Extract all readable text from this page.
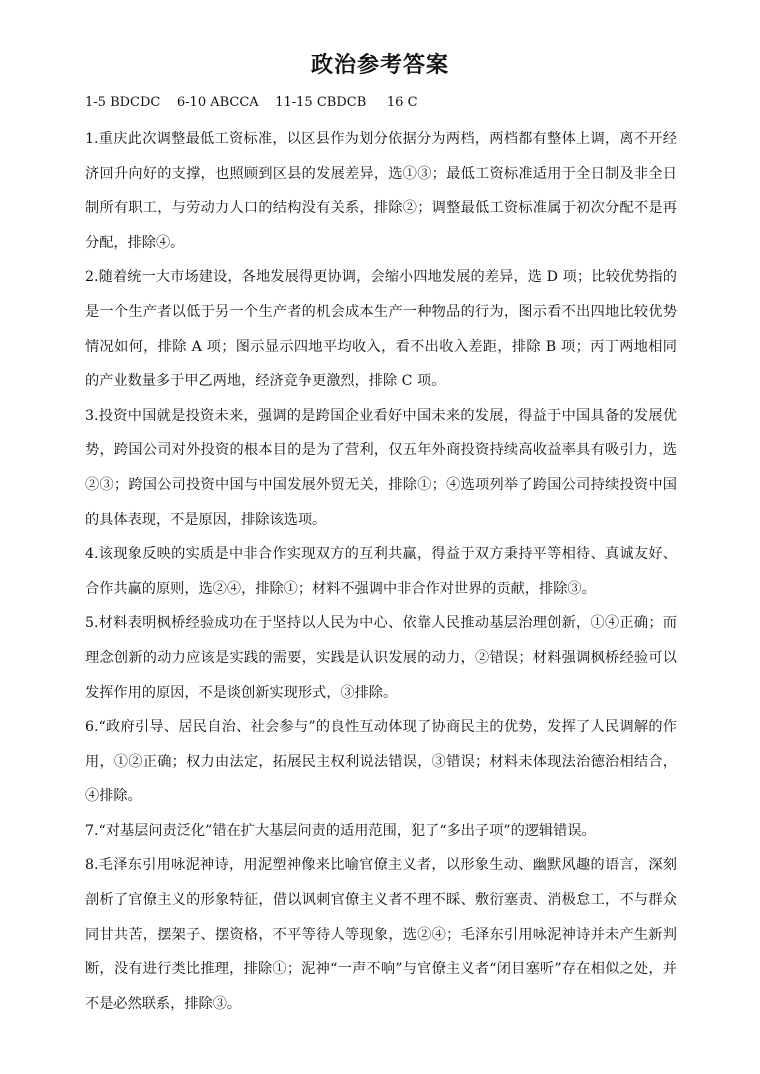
政治参考答案
1-5 BDCDC    6-10 ABCCA    11-15 CBDCB     16 C

1.重庆此次调整最低工资标准，以区县作为划分依据分为两档，两档都有整体上调，离不开经济回升向好的支撑，也照顾到区县的发展差异，选①③；最低工资标准适用于全日制及非全日制所有职工，与劳动力人口的结构没有关系，排除②；调整最低工资标准属于初次分配不是再分配，排除④。

2.随着统一大市场建设，各地发展得更协调，会缩小四地发展的差异，选 D 项；比较优势指的是一个生产者以低于另一个生产者的机会成本生产一种物品的行为，图示看不出四地比较优势情况如何，排除 A 项；图示显示四地平均收入，看不出收入差距，排除 B 项；丙丁两地相同的产业数量多于甲乙两地，经济竞争更激烈，排除 C 项。

3.投资中国就是投资未来，强调的是跨国企业看好中国未来的发展，得益于中国具备的发展优势，跨国公司对外投资的根本目的是为了营利，仅五年外商投资持续高收益率具有吸引力，选②③；跨国公司投资中国与中国发展外贸无关，排除①；④选项列举了跨国公司持续投资中国的具体表现，不是原因，排除该选项。

4.该现象反映的实质是中非合作实现双方的互利共赢，得益于双方秉持平等相待、真诚友好、合作共赢的原则，选②④，排除①；材料不强调中非合作对世界的贡献，排除③。

5.材料表明枫桥经验成功在于坚持以人民为中心、依靠人民推动基层治理创新，①④正确；而理念创新的动力应该是实践的需要，实践是认识发展的动力，②错误；材料强调枫桥经验可以发挥作用的原因，不是谈创新实现形式，③排除。

6.“政府引导、居民自治、社会参与”的良性互动体现了协商民主的优势，发挥了人民调解的作用，①②正确；权力由法定，拓展民主权利说法错误，③错误；材料未体现法治德治相结合，④排除。

7.“对基层问责泛化”错在扩大基层问责的适用范围，犯了“多出子项”的逻辑错误。

8.毛泽东引用咏泥神诗，用泥塑神像来比喻官僚主义者，以形象生动、幽默风趣的语言，深刻剖析了官僚主义的形象特征，借以讽刺官僚主义者不理不睬、敷衍塞责、消极怠工，不与群众同甘共苦，摆架子、摆资格，不平等待人等现象，选②④；毛泽东引用咏泥神诗并未产生新判断，没有进行类比推理，排除①；泥神“一声不响”与官僚主义者“闭目塞听”存在相似之处，并不是必然联系，排除③。
